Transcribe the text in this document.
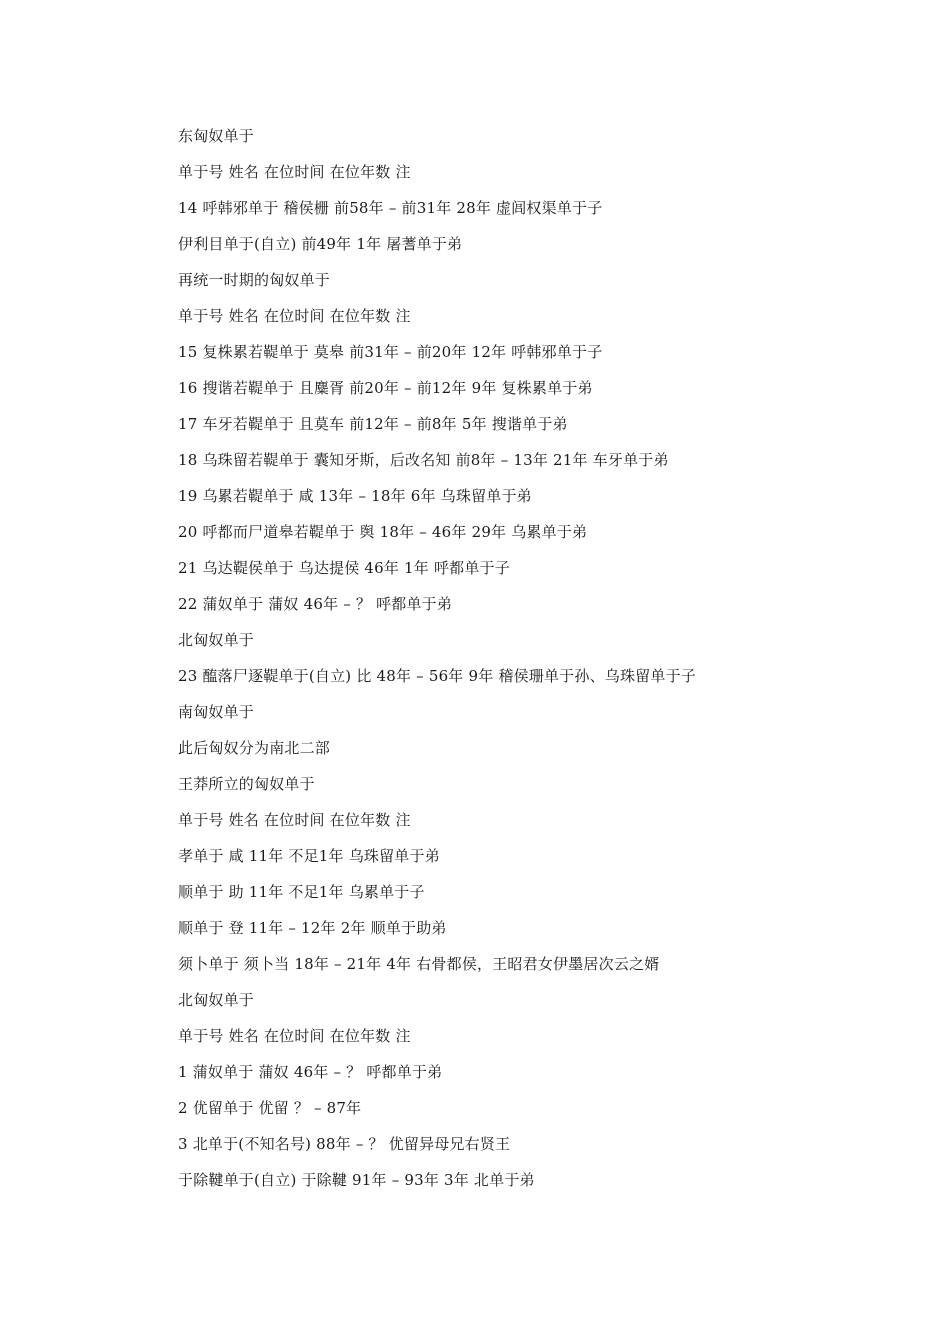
东匈奴单于
单于号 姓名 在位时间 在位年数 注
14 呼韩邪单于 稽侯栅 前58年 – 前31年 28年 虚闾权渠单于子
伊利目单于(自立) 前49年 1年 屠蓍单于弟
再统一时期的匈奴单于
单于号 姓名 在位时间 在位年数 注
15 复株累若鞮单于 莫皋 前31年 – 前20年 12年 呼韩邪单于子
16 搜谐若鞮单于 且麋胥 前20年 – 前12年 9年 复株累单于弟
17 车牙若鞮单于 且莫车 前12年 – 前8年 5年 搜谐单于弟
18 乌珠留若鞮单于 囊知牙斯，后改名知 前8年 – 13年 21年 车牙单于弟
19 乌累若鞮单于 咸 13年 – 18年 6年 乌珠留单于弟
20 呼都而尸道皋若鞮单于 舆 18年 – 46年 29年 乌累单于弟
21 乌达鞮侯单于 乌达提侯 46年 1年 呼都单于子
22 蒲奴单于 蒲奴 46年 – ？ 呼都单于弟
北匈奴单于
23 醢落尸逐鞮单于(自立) 比 48年 – 56年 9年 稽侯珊单于孙、乌珠留单于子
南匈奴单于
此后匈奴分为南北二部
王莽所立的匈奴单于
单于号 姓名 在位时间 在位年数 注
孝单于 咸 11年 不足1年 乌珠留单于弟
顺单于 助 11年 不足1年 乌累单于子
顺单于 登 11年 – 12年 2年 顺单于助弟
须卜单于 须卜当 18年 – 21年 4年 右骨都侯，王昭君女伊墨居次云之婿
北匈奴单于
单于号 姓名 在位时间 在位年数 注
1 蒲奴单于 蒲奴 46年 – ？ 呼都单于弟
2 优留单于 优留 ？ – 87年
3 北单于(不知名号) 88年 – ？ 优留异母兄右贤王
于除鞬单于(自立) 于除鞬 91年 – 93年 3年 北单于弟
